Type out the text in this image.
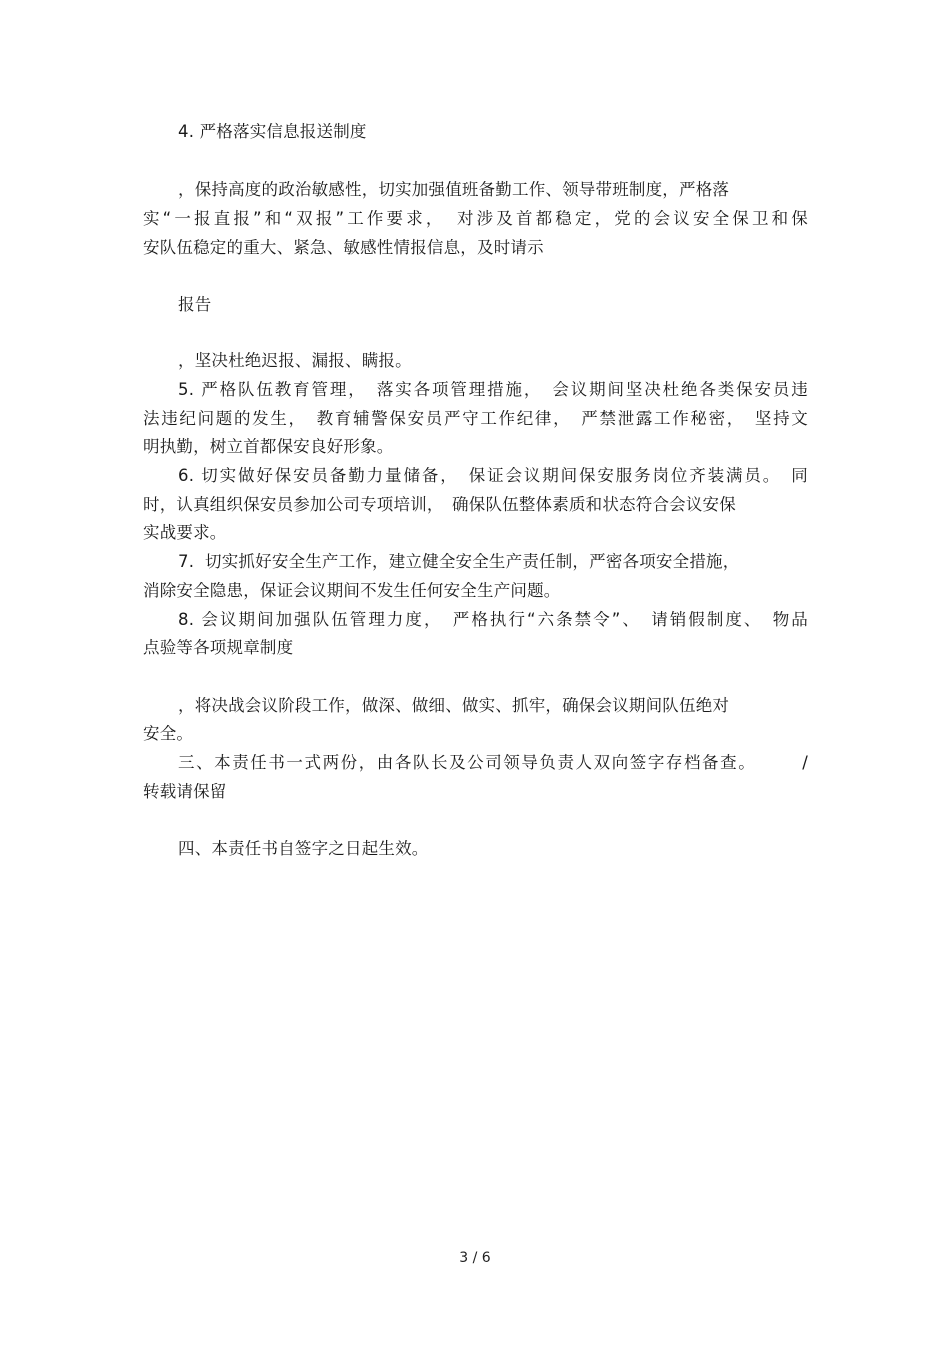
4. 严格落实信息报送制度
，保持高度的政治敏感性，切实加强值班备勤工作、领导带班制度，严格落
实“一报直报”和“双报”工作要求，　对涉及首都稳定，党的会议安全保卫和保
安队伍稳定的重大、紧急、敏感性情报信息，及时请示
报告
，坚决杜绝迟报、漏报、瞒报。
5. 严格队伍教育管理，　落实各项管理措施，　会议期间坚决杜绝各类保安员违
法违纪问题的发生，　教育辅警保安员严守工作纪律，　严禁泄露工作秘密，　坚持文
明执勤，树立首都保安良好形象。
6. 切实做好保安员备勤力量储备，　保证会议期间保安服务岗位齐装满员。　同
时，认真组织保安员参加公司专项培训，　确保队伍整体素质和状态符合会议安保
实战要求。
7.  切实抓好安全生产工作，建立健全安全生产责任制，严密各项安全措施，
消除安全隐患，保证会议期间不发生任何安全生产问题。
8. 会议期间加强队伍管理力度，　严格执行“六条禁令”、　请销假制度、　物品
点验等各项规章制度
，将决战会议阶段工作，做深、做细、做实、抓牢，确保会议期间队伍绝对
安全。
三、本责任书一式两份，由各队长及公司领导负责人双向签字存档备查。　　　/
转载请保留
四、本责任书自签字之日起生效。
3 / 6
